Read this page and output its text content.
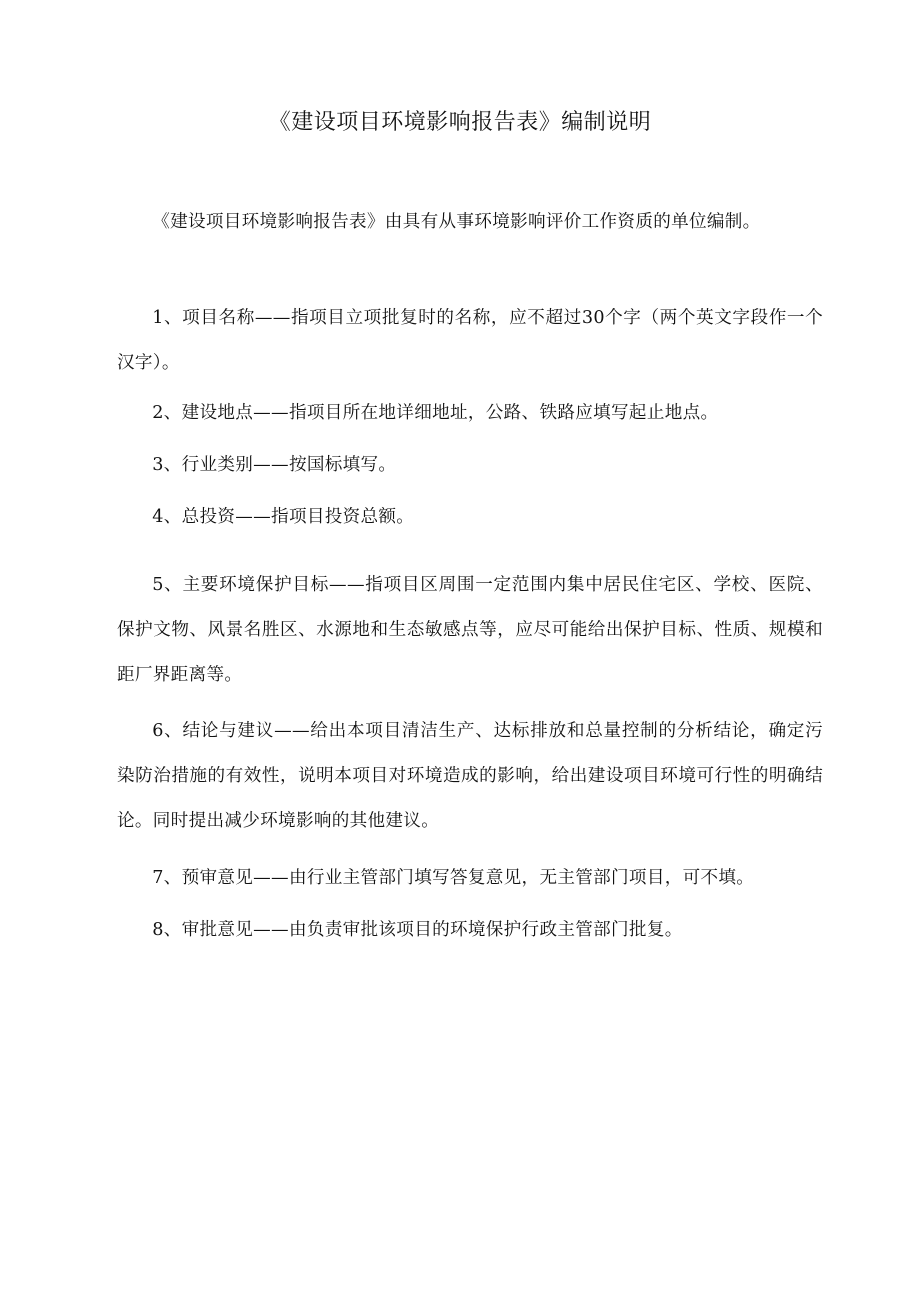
《建设项目环境影响报告表》编制说明

《建设项目环境影响报告表》由具有从事环境影响评价工作资质的单位编制。

1、项目名称——指项目立项批复时的名称，应不超过30个字（两个英文字段作一个汉字）。

2、建设地点——指项目所在地详细地址，公路、铁路应填写起止地点。

3、行业类别——按国标填写。

4、总投资——指项目投资总额。

5、主要环境保护目标——指项目区周围一定范围内集中居民住宅区、学校、医院、保护文物、风景名胜区、水源地和生态敏感点等，应尽可能给出保护目标、性质、规模和距厂界距离等。

6、结论与建议——给出本项目清洁生产、达标排放和总量控制的分析结论，确定污染防治措施的有效性，说明本项目对环境造成的影响，给出建设项目环境可行性的明确结论。同时提出减少环境影响的其他建议。

7、预审意见——由行业主管部门填写答复意见，无主管部门项目，可不填。

8、审批意见——由负责审批该项目的环境保护行政主管部门批复。
